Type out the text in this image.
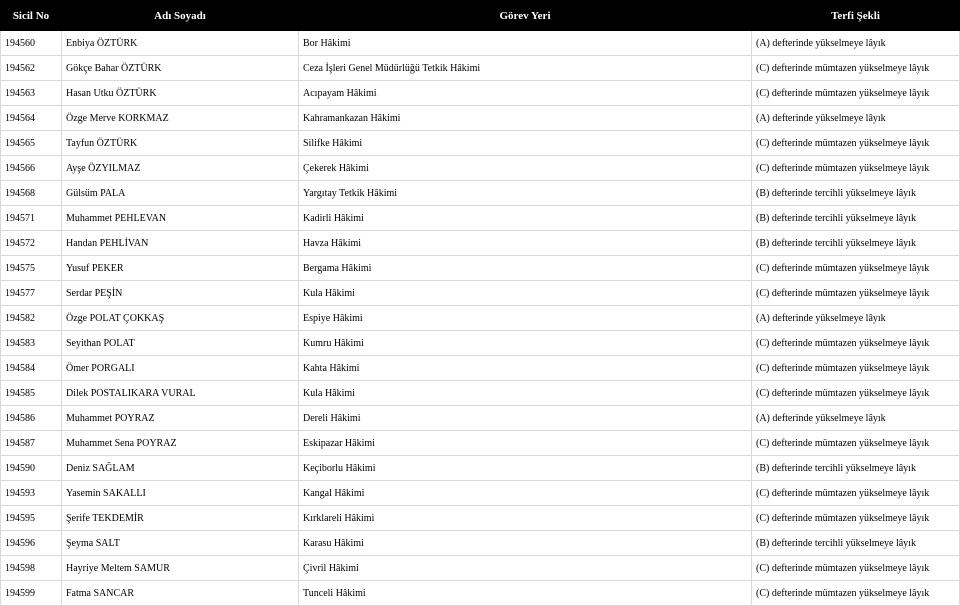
Sicil No	Adı Soyadı	Görev Yeri	Terfi Şekli
194560	Enbiya ÖZTÜRK	Bor Hâkimi	(A) defterinde yükselmeye lâyık
194562	Gökçe Bahar ÖZTÜRK	Ceza İşleri Genel Müdürlüğü Tetkik Hâkimi	(C) defterinde mümtazen yükselmeye lâyık
194563	Hasan Utku ÖZTÜRK	Acıpayam Hâkimi	(C) defterinde mümtazen yükselmeye lâyık
194564	Özge Merve KORKMAZ	Kahramankazan Hâkimi	(A) defterinde yükselmeye lâyık
194565	Tayfun ÖZTÜRK	Silifke Hâkimi	(C) defterinde mümtazen yükselmeye lâyık
194566	Ayşe ÖZYILMAZ	Çekerek Hâkimi	(C) defterinde mümtazen yükselmeye lâyık
194568	Gülsüm PALA	Yargıtay Tetkik Hâkimi	(B) defterinde tercihli yükselmeye lâyık
194571	Muhammet PEHLEVAN	Kadirli Hâkimi	(B) defterinde tercihli yükselmeye lâyık
194572	Handan PEHLİVAN	Havza Hâkimi	(B) defterinde tercihli yükselmeye lâyık
194575	Yusuf PEKER	Bergama Hâkimi	(C) defterinde mümtazen yükselmeye lâyık
194577	Serdar PEŞİN	Kula Hâkimi	(C) defterinde mümtazen yükselmeye lâyık
194582	Özge POLAT ÇOKKAŞ	Espiye Hâkimi	(A) defterinde yükselmeye lâyık
194583	Seyithan POLAT	Kumru Hâkimi	(C) defterinde mümtazen yükselmeye lâyık
194584	Ömer PORGALI	Kahta Hâkimi	(C) defterinde mümtazen yükselmeye lâyık
194585	Dilek POSTALIKARA VURAL	Kula Hâkimi	(C) defterinde mümtazen yükselmeye lâyık
194586	Muhammet POYRAZ	Dereli Hâkimi	(A) defterinde yükselmeye lâyık
194587	Muhammet Sena POYRAZ	Eskipazar Hâkimi	(C) defterinde mümtazen yükselmeye lâyık
194590	Deniz SAĞLAM	Keçiborlu Hâkimi	(B) defterinde tercihli yükselmeye lâyık
194593	Yasemin SAKALLI	Kangal Hâkimi	(C) defterinde mümtazen yükselmeye lâyık
194595	Şerife TEKDEMİR	Kırklareli Hâkimi	(C) defterinde mümtazen yükselmeye lâyık
194596	Şeyma SALT	Karasu Hâkimi	(B) defterinde tercihli yükselmeye lâyık
194598	Hayriye Meltem SAMUR	Çivril Hâkimi	(C) defterinde mümtazen yükselmeye lâyık
194599	Fatma SANCAR	Tunceli Hâkimi	(C) defterinde mümtazen yükselmeye lâyık
